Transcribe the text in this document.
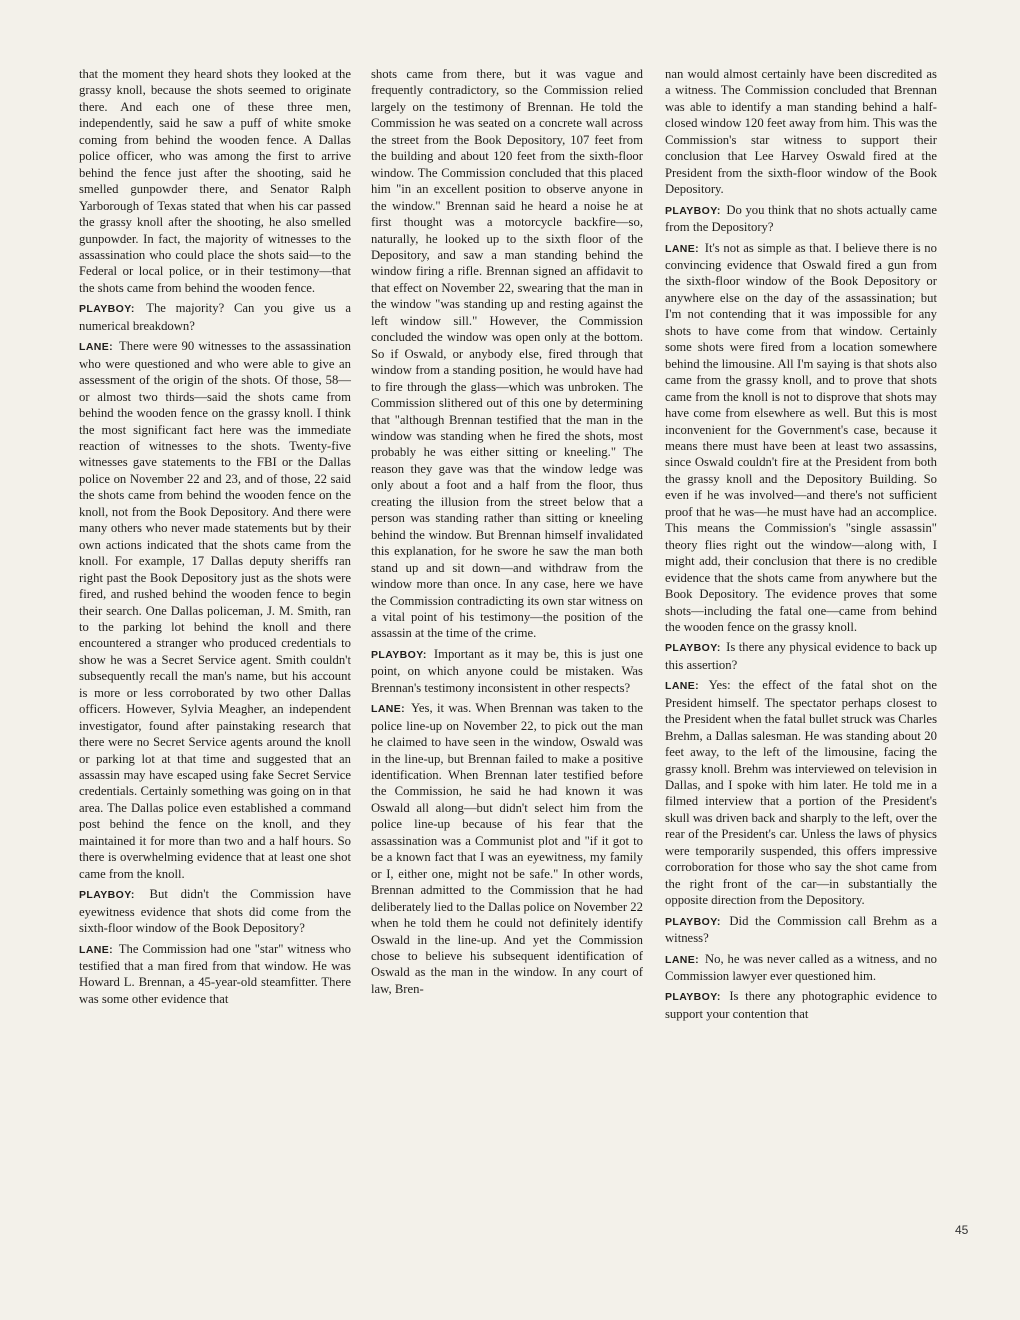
that the moment they heard shots they looked at the grassy knoll, because the shots seemed to originate there. And each one of these three men, independently, said he saw a puff of white smoke coming from behind the wooden fence. A Dallas police officer, who was among the first to arrive behind the fence just after the shooting, said he smelled gunpowder there, and Senator Ralph Yarborough of Texas stated that when his car passed the grassy knoll after the shooting, he also smelled gunpowder. In fact, the majority of witnesses to the assassination who could place the shots said—to the Federal or local police, or in their testimony—that the shots came from behind the wooden fence.

PLAYBOY: The majority? Can you give us a numerical breakdown?

LANE: There were 90 witnesses to the assassination who were questioned and who were able to give an assessment of the origin of the shots. Of those, 58—or almost two thirds—said the shots came from behind the wooden fence on the grassy knoll. I think the most significant fact here was the immediate reaction of witnesses to the shots. Twenty-five witnesses gave statements to the FBI or the Dallas police on November 22 and 23, and of those, 22 said the shots came from behind the wooden fence on the knoll, not from the Book Depository. And there were many others who never made statements but by their own actions indicated that the shots came from the knoll. For example, 17 Dallas deputy sheriffs ran right past the Book Depository just as the shots were fired, and rushed behind the wooden fence to begin their search. One Dallas policeman, J. M. Smith, ran to the parking lot behind the knoll and there encountered a stranger who produced credentials to show he was a Secret Service agent. Smith couldn't subsequently recall the man's name, but his account is more or less corroborated by two other Dallas officers. However, Sylvia Meagher, an independent investigator, found after painstaking research that there were no Secret Service agents around the knoll or parking lot at that time and suggested that an assassin may have escaped using fake Secret Service credentials. Certainly something was going on in that area. The Dallas police even established a command post behind the fence on the knoll, and they maintained it for more than two and a half hours. So there is overwhelming evidence that at least one shot came from the knoll.

PLAYBOY: But didn't the Commission have eyewitness evidence that shots did come from the sixth-floor window of the Book Depository?

LANE: The Commission had one "star" witness who testified that a man fired from that window. He was Howard L. Brennan, a 45-year-old steamfitter. There was some other evidence that

shots came from there, but it was vague and frequently contradictory, so the Commission relied largely on the testimony of Brennan. He told the Commission he was seated on a concrete wall across the street from the Book Depository, 107 feet from the building and about 120 feet from the sixth-floor window. The Commission concluded that this placed him "in an excellent position to observe anyone in the window." Brennan said he heard a noise he at first thought was a motorcycle backfire—so, naturally, he looked up to the sixth floor of the Depository, and saw a man standing behind the window firing a rifle. Brennan signed an affidavit to that effect on November 22, swearing that the man in the window "was standing up and resting against the left window sill." However, the Commission concluded the window was open only at the bottom. So if Oswald, or anybody else, fired through that window from a standing position, he would have had to fire through the glass—which was unbroken. The Commission slithered out of this one by determining that "although Brennan testified that the man in the window was standing when he fired the shots, most probably he was either sitting or kneeling." The reason they gave was that the window ledge was only about a foot and a half from the floor, thus creating the illusion from the street below that a person was standing rather than sitting or kneeling behind the window. But Brennan himself invalidated this explanation, for he swore he saw the man both stand up and sit down—and withdraw from the window more than once. In any case, here we have the Commission contradicting its own star witness on a vital point of his testimony—the position of the assassin at the time of the crime.

PLAYBOY: Important as it may be, this is just one point, on which anyone could be mistaken. Was Brennan's testimony inconsistent in other respects?

LANE: Yes, it was. When Brennan was taken to the police line-up on November 22, to pick out the man he claimed to have seen in the window, Oswald was in the line-up, but Brennan failed to make a positive identification. When Brennan later testified before the Commission, he said he had known it was Oswald all along—but didn't select him from the police line-up because of his fear that the assassination was a Communist plot and "if it got to be a known fact that I was an eyewitness, my family or I, either one, might not be safe." In other words, Brennan admitted to the Commission that he had deliberately lied to the Dallas police on November 22 when he told them he could not definitely identify Oswald in the line-up. And yet the Commission chose to believe his subsequent identification of Oswald as the man in the window. In any court of law, Bren-

nan would almost certainly have been discredited as a witness. The Commission concluded that Brennan was able to identify a man standing behind a half-closed window 120 feet away from him. This was the Commission's star witness to support their conclusion that Lee Harvey Oswald fired at the President from the sixth-floor window of the Book Depository.

PLAYBOY: Do you think that no shots actually came from the Depository?

LANE: It's not as simple as that. I believe there is no convincing evidence that Oswald fired a gun from the sixth-floor window of the Book Depository or anywhere else on the day of the assassination; but I'm not contending that it was impossible for any shots to have come from that window. Certainly some shots were fired from a location somewhere behind the limousine. All I'm saying is that shots also came from the grassy knoll, and to prove that shots came from the knoll is not to disprove that shots may have come from elsewhere as well. But this is most inconvenient for the Government's case, because it means there must have been at least two assassins, since Oswald couldn't fire at the President from both the grassy knoll and the Depository Building. So even if he was involved—and there's not sufficient proof that he was—he must have had an accomplice. This means the Commission's "single assassin" theory flies right out the window—along with, I might add, their conclusion that there is no credible evidence that the shots came from anywhere but the Book Depository. The evidence proves that some shots—including the fatal one—came from behind the wooden fence on the grassy knoll.

PLAYBOY: Is there any physical evidence to back up this assertion?

LANE: Yes: the effect of the fatal shot on the President himself. The spectator perhaps closest to the President when the fatal bullet struck was Charles Brehm, a Dallas salesman. He was standing about 20 feet away, to the left of the limousine, facing the grassy knoll. Brehm was interviewed on television in Dallas, and I spoke with him later. He told me in a filmed interview that a portion of the President's skull was driven back and sharply to the left, over the rear of the President's car. Unless the laws of physics were temporarily suspended, this offers impressive corroboration for those who say the shot came from the right front of the car—in substantially the opposite direction from the Depository.

PLAYBOY: Did the Commission call Brehm as a witness?

LANE: No, he was never called as a witness, and no Commission lawyer ever questioned him.

PLAYBOY: Is there any photographic evidence to support your contention that

45
